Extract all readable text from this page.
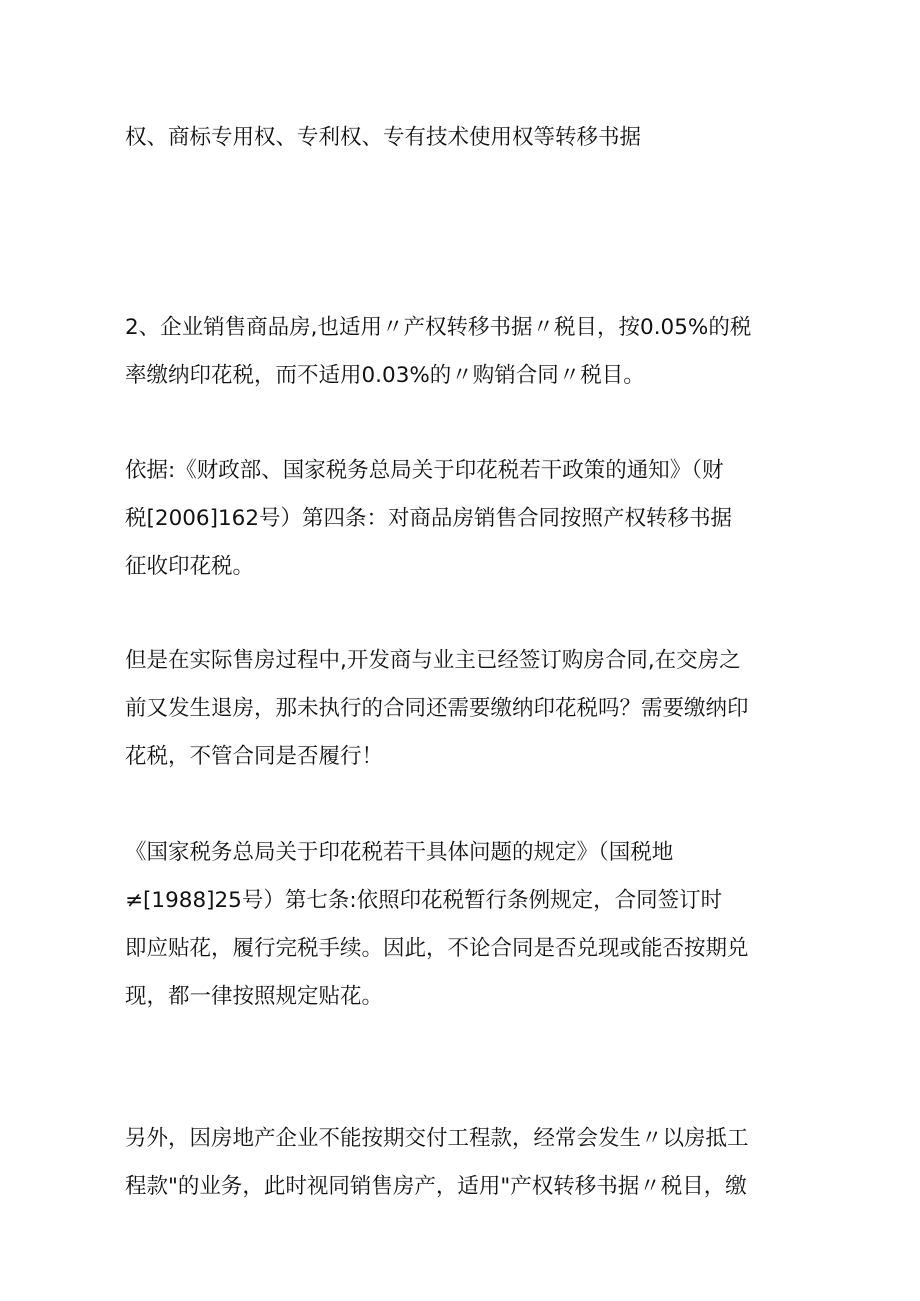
权、商标专用权、专利权、专有技术使用权等转移书据

2、企业销售商品房,也适用〃产权转移书据〃税目，按0.05%的税
率缴纳印花税，而不适用0.03%的〃购销合同〃税目。

依据:《财政部、国家税务总局关于印花税若干政策的通知》（财
税[2006]162号）第四条：对商品房销售合同按照产权转移书据
征收印花税。

但是在实际售房过程中,开发商与业主已经签订购房合同,在交房之
前又发生退房，那未执行的合同还需要缴纳印花税吗？需要缴纳印
花税，不管合同是否履行！

《国家税务总局关于印花税若干具体问题的规定》（国税地
≠[1988]25号）第七条:依照印花税暂行条例规定，合同签订时
即应贴花，履行完税手续。因此，不论合同是否兑现或能否按期兑
现，都一律按照规定贴花。

另外，因房地产企业不能按期交付工程款，经常会发生〃以房抵工
程款"的业务，此时视同销售房产，适用"产权转移书据〃税目，缴
